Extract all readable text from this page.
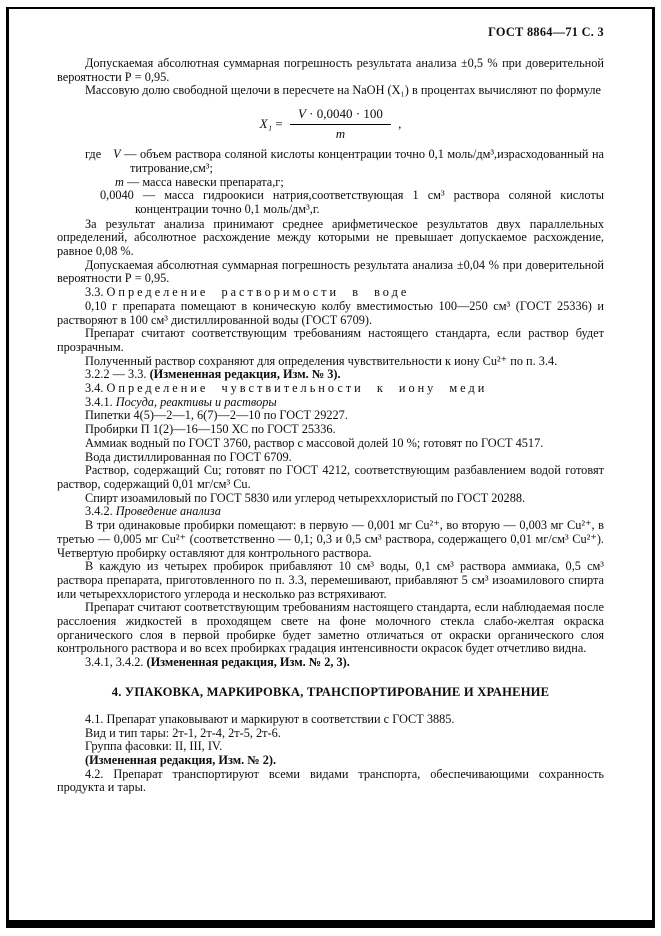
ГОСТ 8864—71 С. 3

Допускаемая абсолютная суммарная погрешность результата анализа ±0,5 % при доверительной вероятности Р = 0,95.

Массовую долю свободной щелочи в пересчете на NaOH (X₁) в процентах вычисляют по формуле

$X_1 = \frac{V \cdot 0,0040 \cdot 100}{m}$ ,
где V — объем раствора соляной кислоты концентрации точно 0,1 моль/дм³,израсходованный на титрование,см³;
m — масса навески препарата,г;
0,0040 — масса гидроокиси натрия,соответствующая 1 см³ раствора соляной кислоты концентрации точно 0,1 моль/дм³,г.

За результат анализа принимают среднее арифметическое результатов двух параллельных определений, абсолютное расхождение между которыми не превышает допускаемое расхождение, равное 0,08 %.

Допускаемая абсолютная суммарная погрешность результата анализа ±0,04 % при доверительной вероятности Р = 0,95.

3.3. Определение растворимости в воде

0,10 г препарата помещают в коническую колбу вместимостью 100—250 см³ (ГОСТ 25336) и растворяют в 100 см³ дистиллированной воды (ГОСТ 6709).

Препарат считают соответствующим требованиям настоящего стандарта, если раствор будет прозрачным.

Полученный раствор сохраняют для определения чувствительности к иону Cu²⁺ по п. 3.4.

3.2.2 — 3.3. (Измененная редакция, Изм. № 3).

3.4. Определение чувствительности к иону меди

3.4.1. Посуда, реактивы и растворы

Пипетки 4(5)—2—1, 6(7)—2—10 по ГОСТ 29227.

Пробирки П 1(2)—16—150 ХС по ГОСТ 25336.

Аммиак водный по ГОСТ 3760, раствор с массовой долей 10 %; готовят по ГОСТ 4517.

Вода дистиллированная по ГОСТ 6709.

Раствор, содержащий Cu; готовят по ГОСТ 4212, соответствующим разбавлением водой готовят раствор, содержащий 0,01 мг/см³ Cu.

Спирт изоамиловый по ГОСТ 5830 или углерод четыреххлористый по ГОСТ 20288.

3.4.2. Проведение анализа

В три одинаковые пробирки помещают: в первую — 0,001 мг Cu²⁺, во вторую — 0,003 мг Cu²⁺, в третью — 0,005 мг Cu²⁺ (соответственно — 0,1; 0,3 и 0,5 см³ раствора, содержащего 0,01 мг/см³ Cu²⁺). Четвертую пробирку оставляют для контрольного раствора.

В каждую из четырех пробирок прибавляют 10 см³ воды, 0,1 см³ раствора аммиака, 0,5 см³ раствора препарата, приготовленного по п. 3.3, перемешивают, прибавляют 5 см³ изоамилового спирта или четыреххлористого углерода и несколько раз встряхивают.

Препарат считают соответствующим требованиям настоящего стандарта, если наблюдаемая после расслоения жидкостей в проходящем свете на фоне молочного стекла слабо-желтая окраска органического слоя в первой пробирке будет заметно отличаться от окраски органического слоя контрольного раствора и во всех пробирках градация интенсивности окрасок будет отчетливо видна.

3.4.1, 3.4.2. (Измененная редакция, Изм. № 2, 3).

4. УПАКОВКА, МАРКИРОВКА, ТРАНСПОРТИРОВАНИЕ И ХРАНЕНИЕ

4.1. Препарат упаковывают и маркируют в соответствии с ГОСТ 3885.

Вид и тип тары: 2т-1, 2т-4, 2т-5, 2т-6.

Группа фасовки: II, III, IV.

(Измененная редакция, Изм. № 2).

4.2. Препарат транспортируют всеми видами транспорта, обеспечивающими сохранность продукта и тары.
